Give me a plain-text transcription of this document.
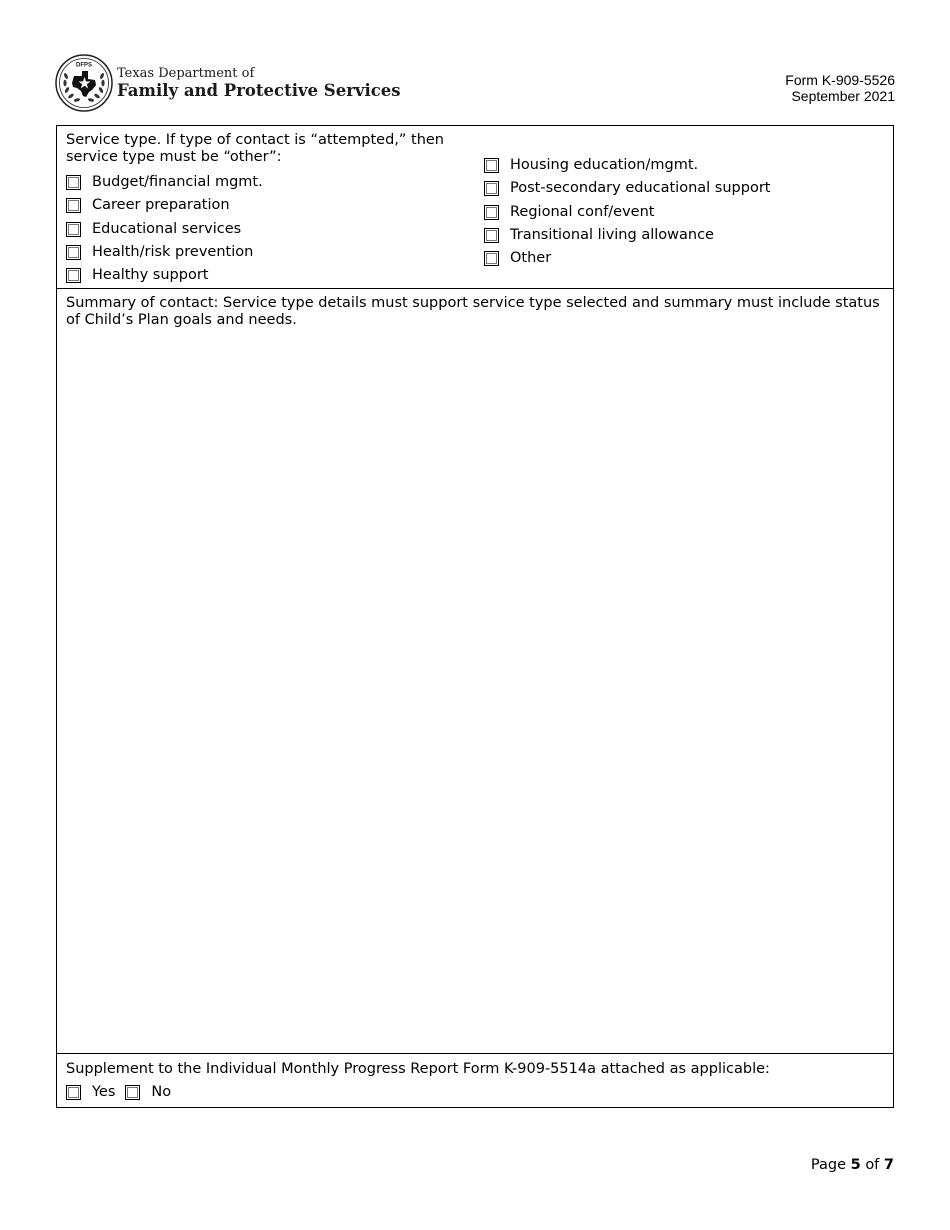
DFPS
Texas Department of
Family and Protective Services
Form K-909-5526
September 2021
Service type. If type of contact is “attempted,” then
service type must be “other”:
Budget/financial mgmt.
Career preparation
Educational services
Health/risk prevention
Healthy support
Housing education/mgmt.
Post-secondary educational support
Regional conf/event
Transitional living allowance
Other
Summary of contact: Service type details must support service type selected and summary must include status of Child’s Plan goals and needs.
Supplement to the Individual Monthly Progress Report Form K-909-5514a attached as applicable:
Yes No
Page 5 of 7
